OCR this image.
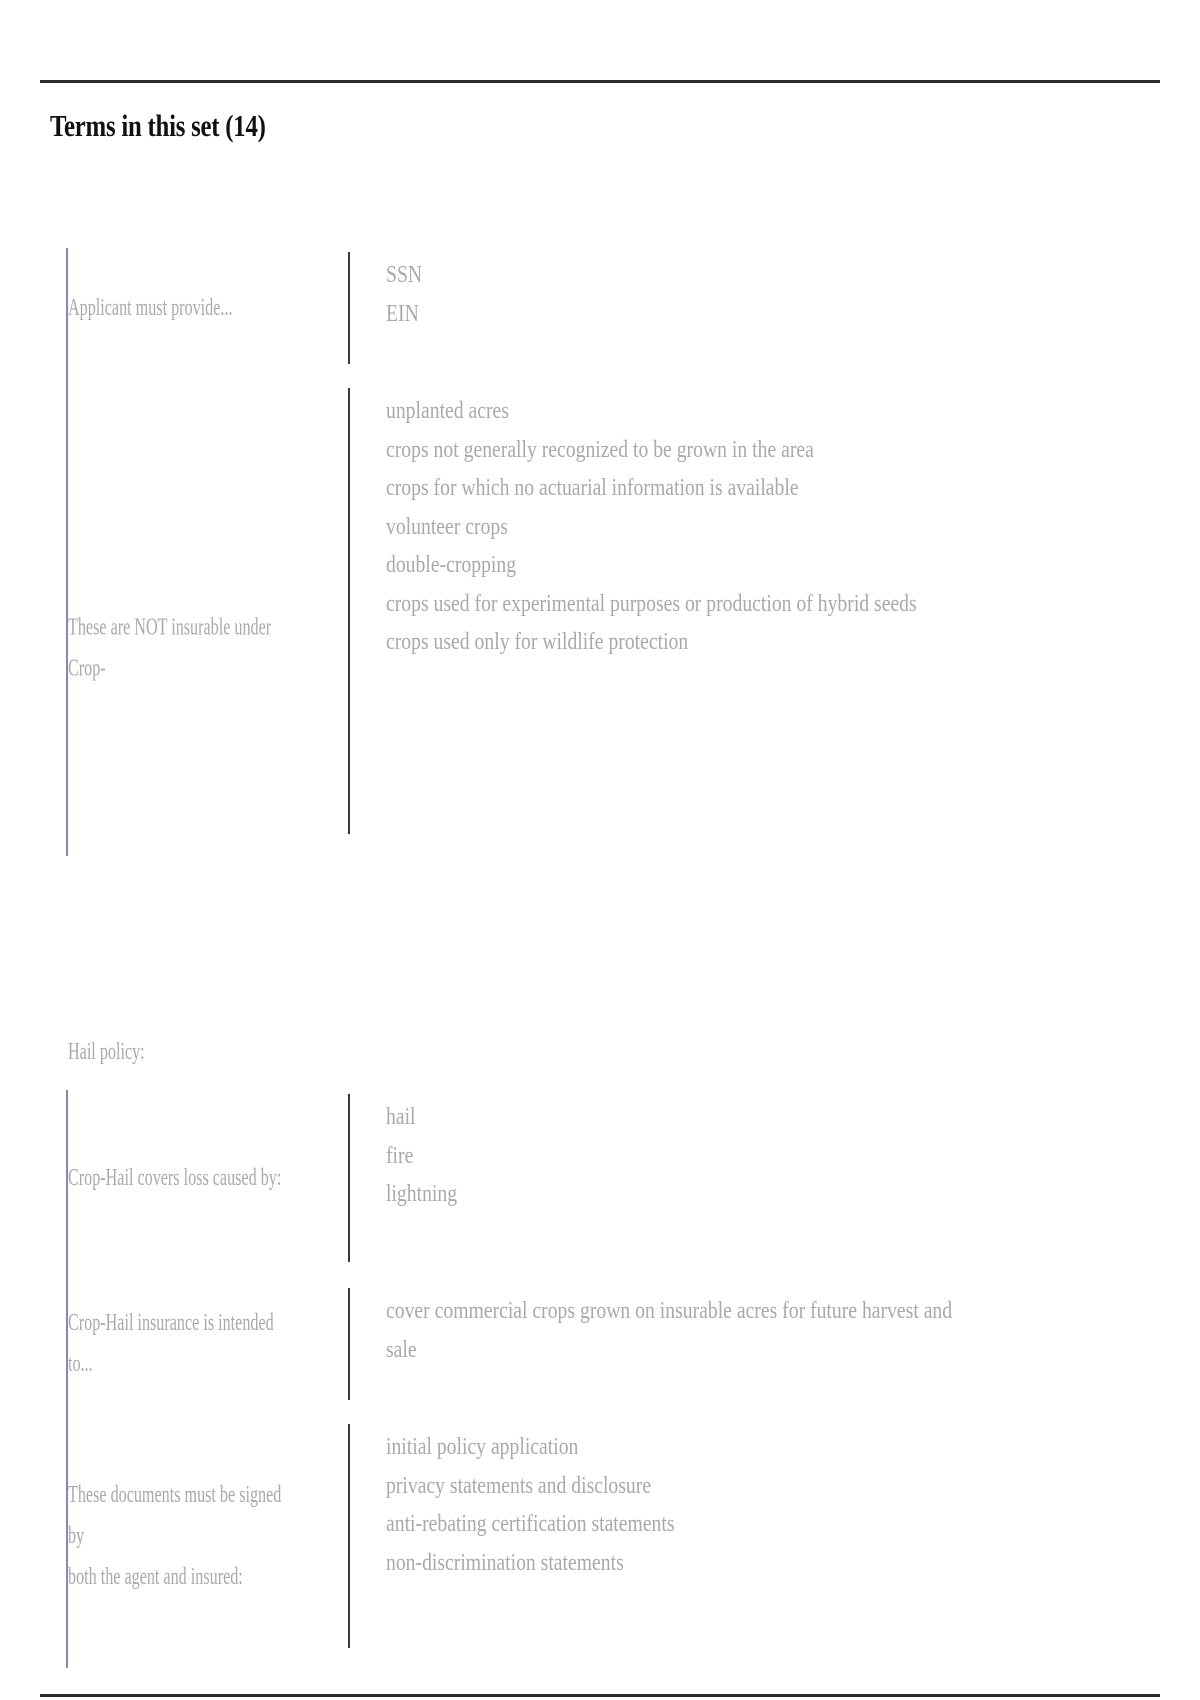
Terms in this set (14)
Applicant must provide...
SSN
EIN
These are NOT insurable under Crop-
Hail policy:
unplanted acres
crops not generally recognized to be grown in the area
crops for which no actuarial information is available
volunteer crops
double-cropping
crops used for experimental purposes or production of hybrid seeds
crops used only for wildlife protection
Crop-Hail covers loss caused by:
hail
fire
lightning
Crop-Hail insurance is intended to...
cover commercial crops grown on insurable acres for future harvest and
sale
These documents must be signed by
both the agent and insured:
initial policy application
privacy statements and disclosure
anti-rebating certification statements
non-discrimination statements
